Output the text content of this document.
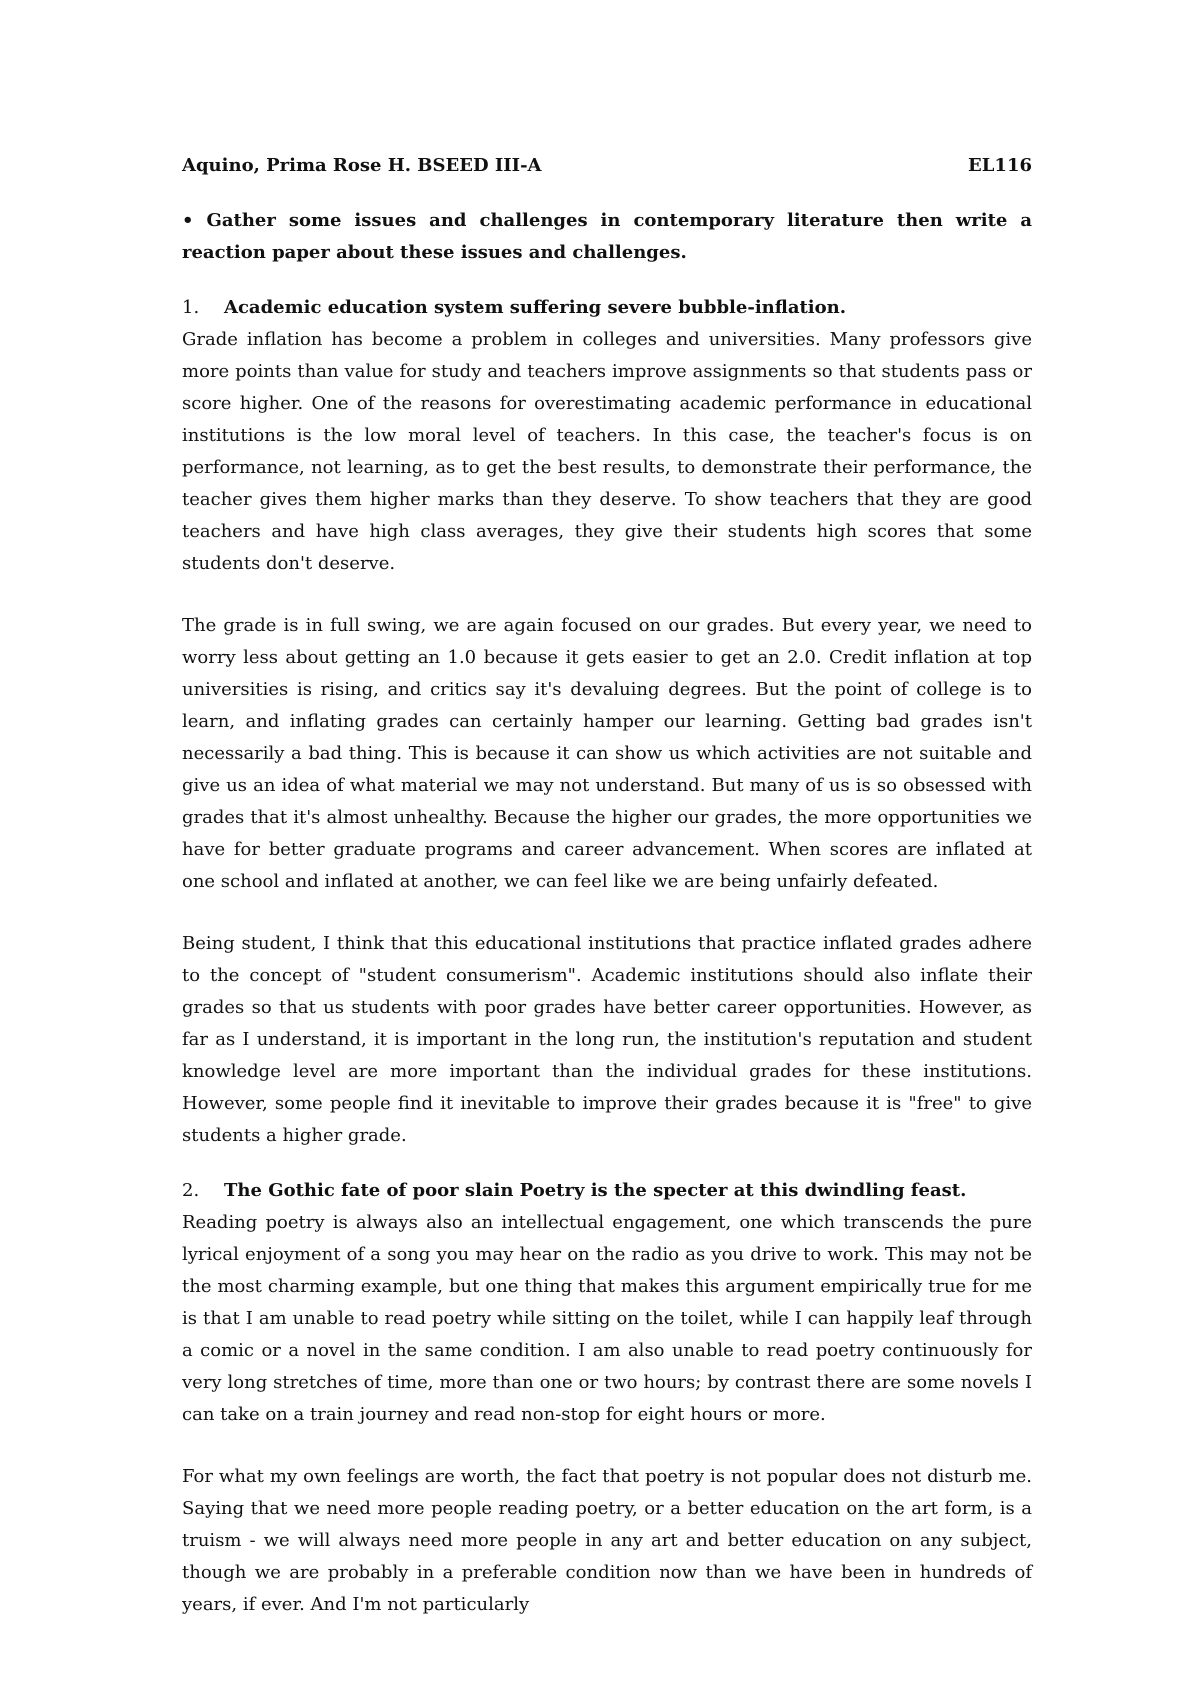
Aquino, Prima Rose H. BSEED III-A	EL116
• Gather some issues and challenges in contemporary literature then write a reaction paper about these issues and challenges.
1.	Academic education system suffering severe bubble-inflation.

Grade inflation has become a problem in colleges and universities. Many professors give more points than value for study and teachers improve assignments so that students pass or score higher. One of the reasons for overestimating academic performance in educational institutions is the low moral level of teachers. In this case, the teacher's focus is on performance, not learning, as to get the best results, to demonstrate their performance, the teacher gives them higher marks than they deserve. To show teachers that they are good teachers and have high class averages, they give their students high scores that some students don't deserve.

The grade is in full swing, we are again focused on our grades. But every year, we need to worry less about getting an 1.0 because it gets easier to get an 2.0. Credit inflation at top universities is rising, and critics say it's devaluing degrees. But the point of college is to learn, and inflating grades can certainly hamper our learning. Getting bad grades isn't necessarily a bad thing. This is because it can show us which activities are not suitable and give us an idea of what material we may not understand. But many of us is so obsessed with grades that it's almost unhealthy. Because the higher our grades, the more opportunities we have for better graduate programs and career advancement. When scores are inflated at one school and inflated at another, we can feel like we are being unfairly defeated.

Being student, I think that this educational institutions that practice inflated grades adhere to the concept of "student consumerism". Academic institutions should also inflate their grades so that us students with poor grades have better career opportunities. However, as far as I understand, it is important in the long run, the institution's reputation and student knowledge level are more important than the individual grades for these institutions. However, some people find it inevitable to improve their grades because it is "free" to give students a higher grade.

2.	The Gothic fate of poor slain Poetry is the specter at this dwindling feast.

Reading poetry is always also an intellectual engagement, one which transcends the pure lyrical enjoyment of a song you may hear on the radio as you drive to work. This may not be the most charming example, but one thing that makes this argument empirically true for me is that I am unable to read poetry while sitting on the toilet, while I can happily leaf through a comic or a novel in the same condition. I am also unable to read poetry continuously for very long stretches of time, more than one or two hours; by contrast there are some novels I can take on a train journey and read non-stop for eight hours or more.

For what my own feelings are worth, the fact that poetry is not popular does not disturb me. Saying that we need more people reading poetry, or a better education on the art form, is a truism - we will always need more people in any art and better education on any subject, though we are probably in a preferable condition now than we have been in hundreds of years, if ever. And I'm not particularly
